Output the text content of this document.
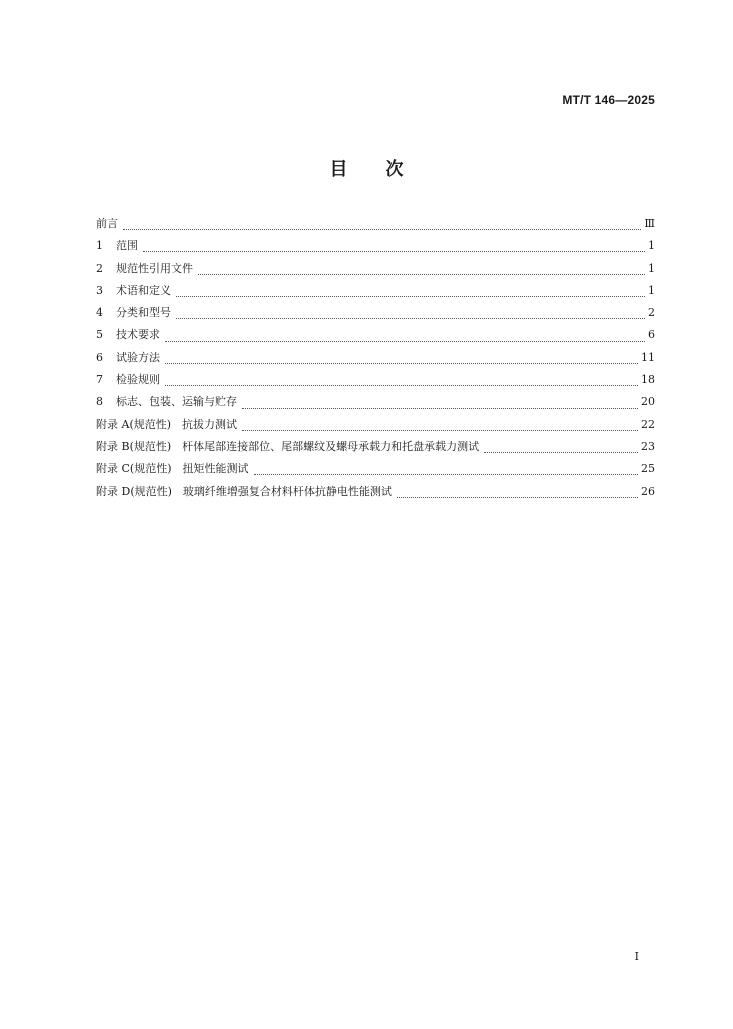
MT/T 146—2025
目 次
前言	Ⅲ
1	范围	1
2	规范性引用文件	1
3	术语和定义	1
4	分类和型号	2
5	技术要求	6
6	试验方法	11
7	检验规则	18
8	标志、包装、运输与贮存	20
附录 A(规范性)　抗拔力测试	22
附录 B(规范性)　杆体尾部连接部位、尾部螺纹及螺母承载力和托盘承载力测试	23
附录 C(规范性)　扭矩性能测试	25
附录 D(规范性)　玻璃纤维增强复合材料杆体抗静电性能测试	26
I
